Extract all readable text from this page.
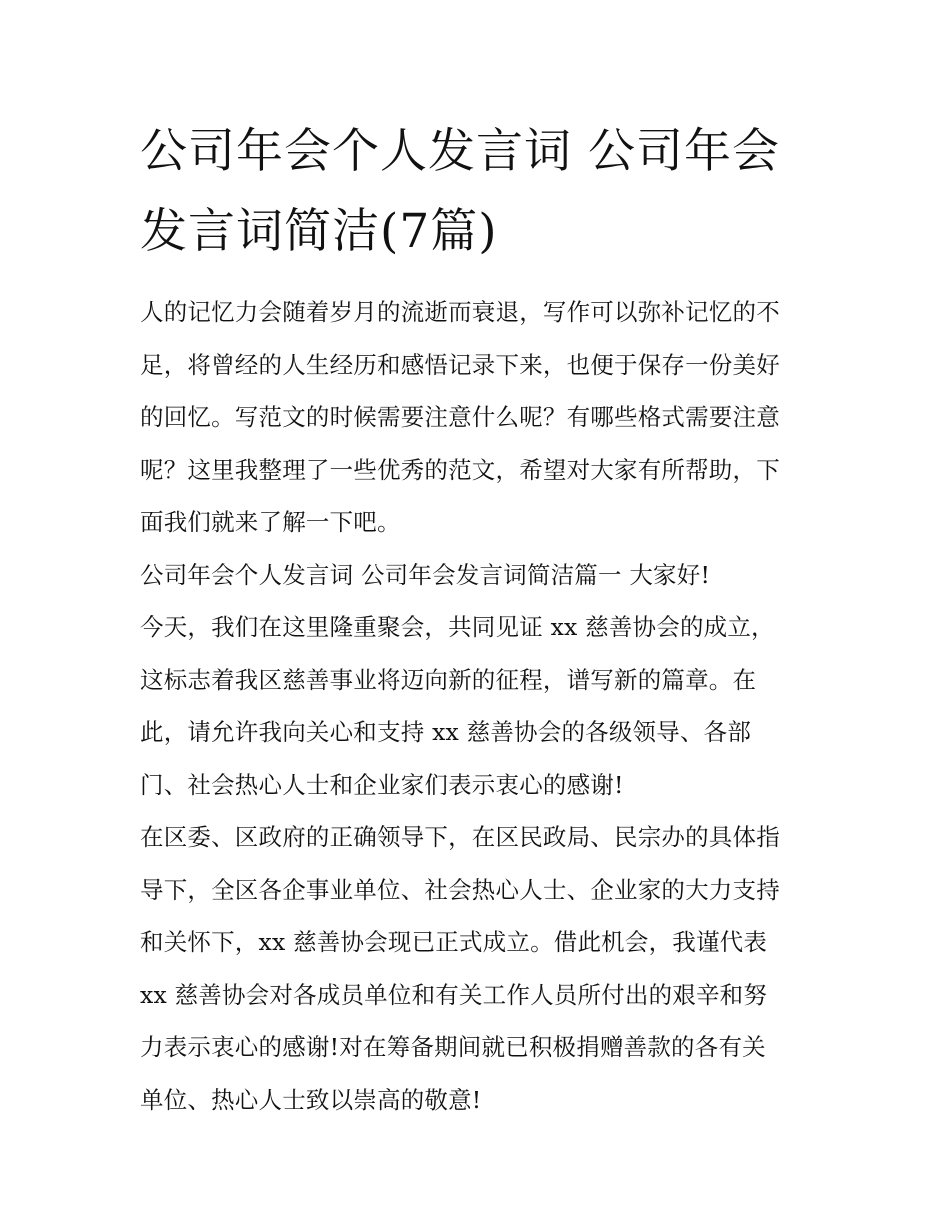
公司年会个人发言词 公司年会
发言词简洁(7篇)

人的记忆力会随着岁月的流逝而衰退，写作可以弥补记忆的不
足，将曾经的人生经历和感悟记录下来，也便于保存一份美好
的回忆。写范文的时候需要注意什么呢？有哪些格式需要注意
呢？这里我整理了一些优秀的范文，希望对大家有所帮助，下
面我们就来了解一下吧。

公司年会个人发言词 公司年会发言词简洁篇一 大家好!

今天，我们在这里隆重聚会，共同见证 xx 慈善协会的成立，
这标志着我区慈善事业将迈向新的征程，谱写新的篇章。在
此，请允许我向关心和支持 xx 慈善协会的各级领导、各部
门、社会热心人士和企业家们表示衷心的感谢!

在区委、区政府的正确领导下，在区民政局、民宗办的具体指
导下，全区各企事业单位、社会热心人士、企业家的大力支持
和关怀下，xx 慈善协会现已正式成立。借此机会，我谨代表
xx 慈善协会对各成员单位和有关工作人员所付出的艰辛和努
力表示衷心的感谢!对在筹备期间就已积极捐赠善款的各有关
单位、热心人士致以崇高的敬意!
